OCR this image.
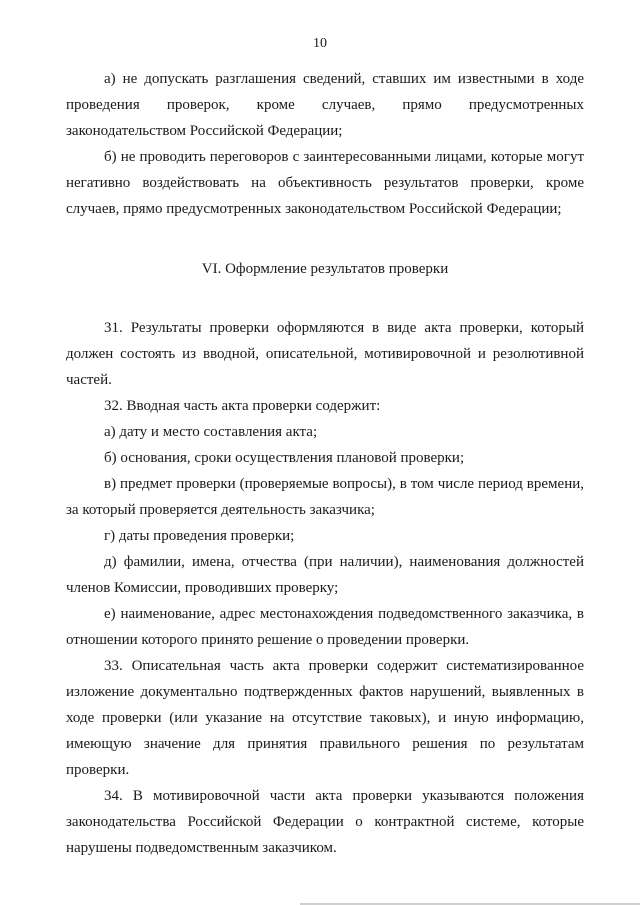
10

а) не допускать разглашения сведений, ставших им известными в ходе проведения проверок, кроме случаев, прямо предусмотренных законодательством Российской Федерации;

б) не проводить переговоров с заинтересованными лицами, которые могут негативно воздействовать на объективность результатов проверки, кроме случаев, прямо предусмотренных законодательством Российской Федерации;

VI. Оформление результатов проверки

31. Результаты проверки оформляются в виде акта проверки, который должен состоять из вводной, описательной, мотивировочной и резолютивной частей.

32. Вводная часть акта проверки содержит:

а) дату и место составления акта;

б) основания, сроки осуществления плановой проверки;

в) предмет проверки (проверяемые вопросы), в том числе период времени, за который проверяется деятельность заказчика;

г) даты проведения проверки;

д) фамилии, имена, отчества (при наличии), наименования должностей членов Комиссии, проводивших проверку;

е) наименование, адрес местонахождения подведомственного заказчика, в отношении которого принято решение о проведении проверки.

33. Описательная часть акта проверки содержит систематизированное изложение документально подтвержденных фактов нарушений, выявленных в ходе проверки (или указание на отсутствие таковых), и иную информацию, имеющую значение для принятия правильного решения по результатам проверки.

34. В мотивировочной части акта проверки указываются положения законодательства Российской Федерации о контрактной системе, которые нарушены подведомственным заказчиком.
